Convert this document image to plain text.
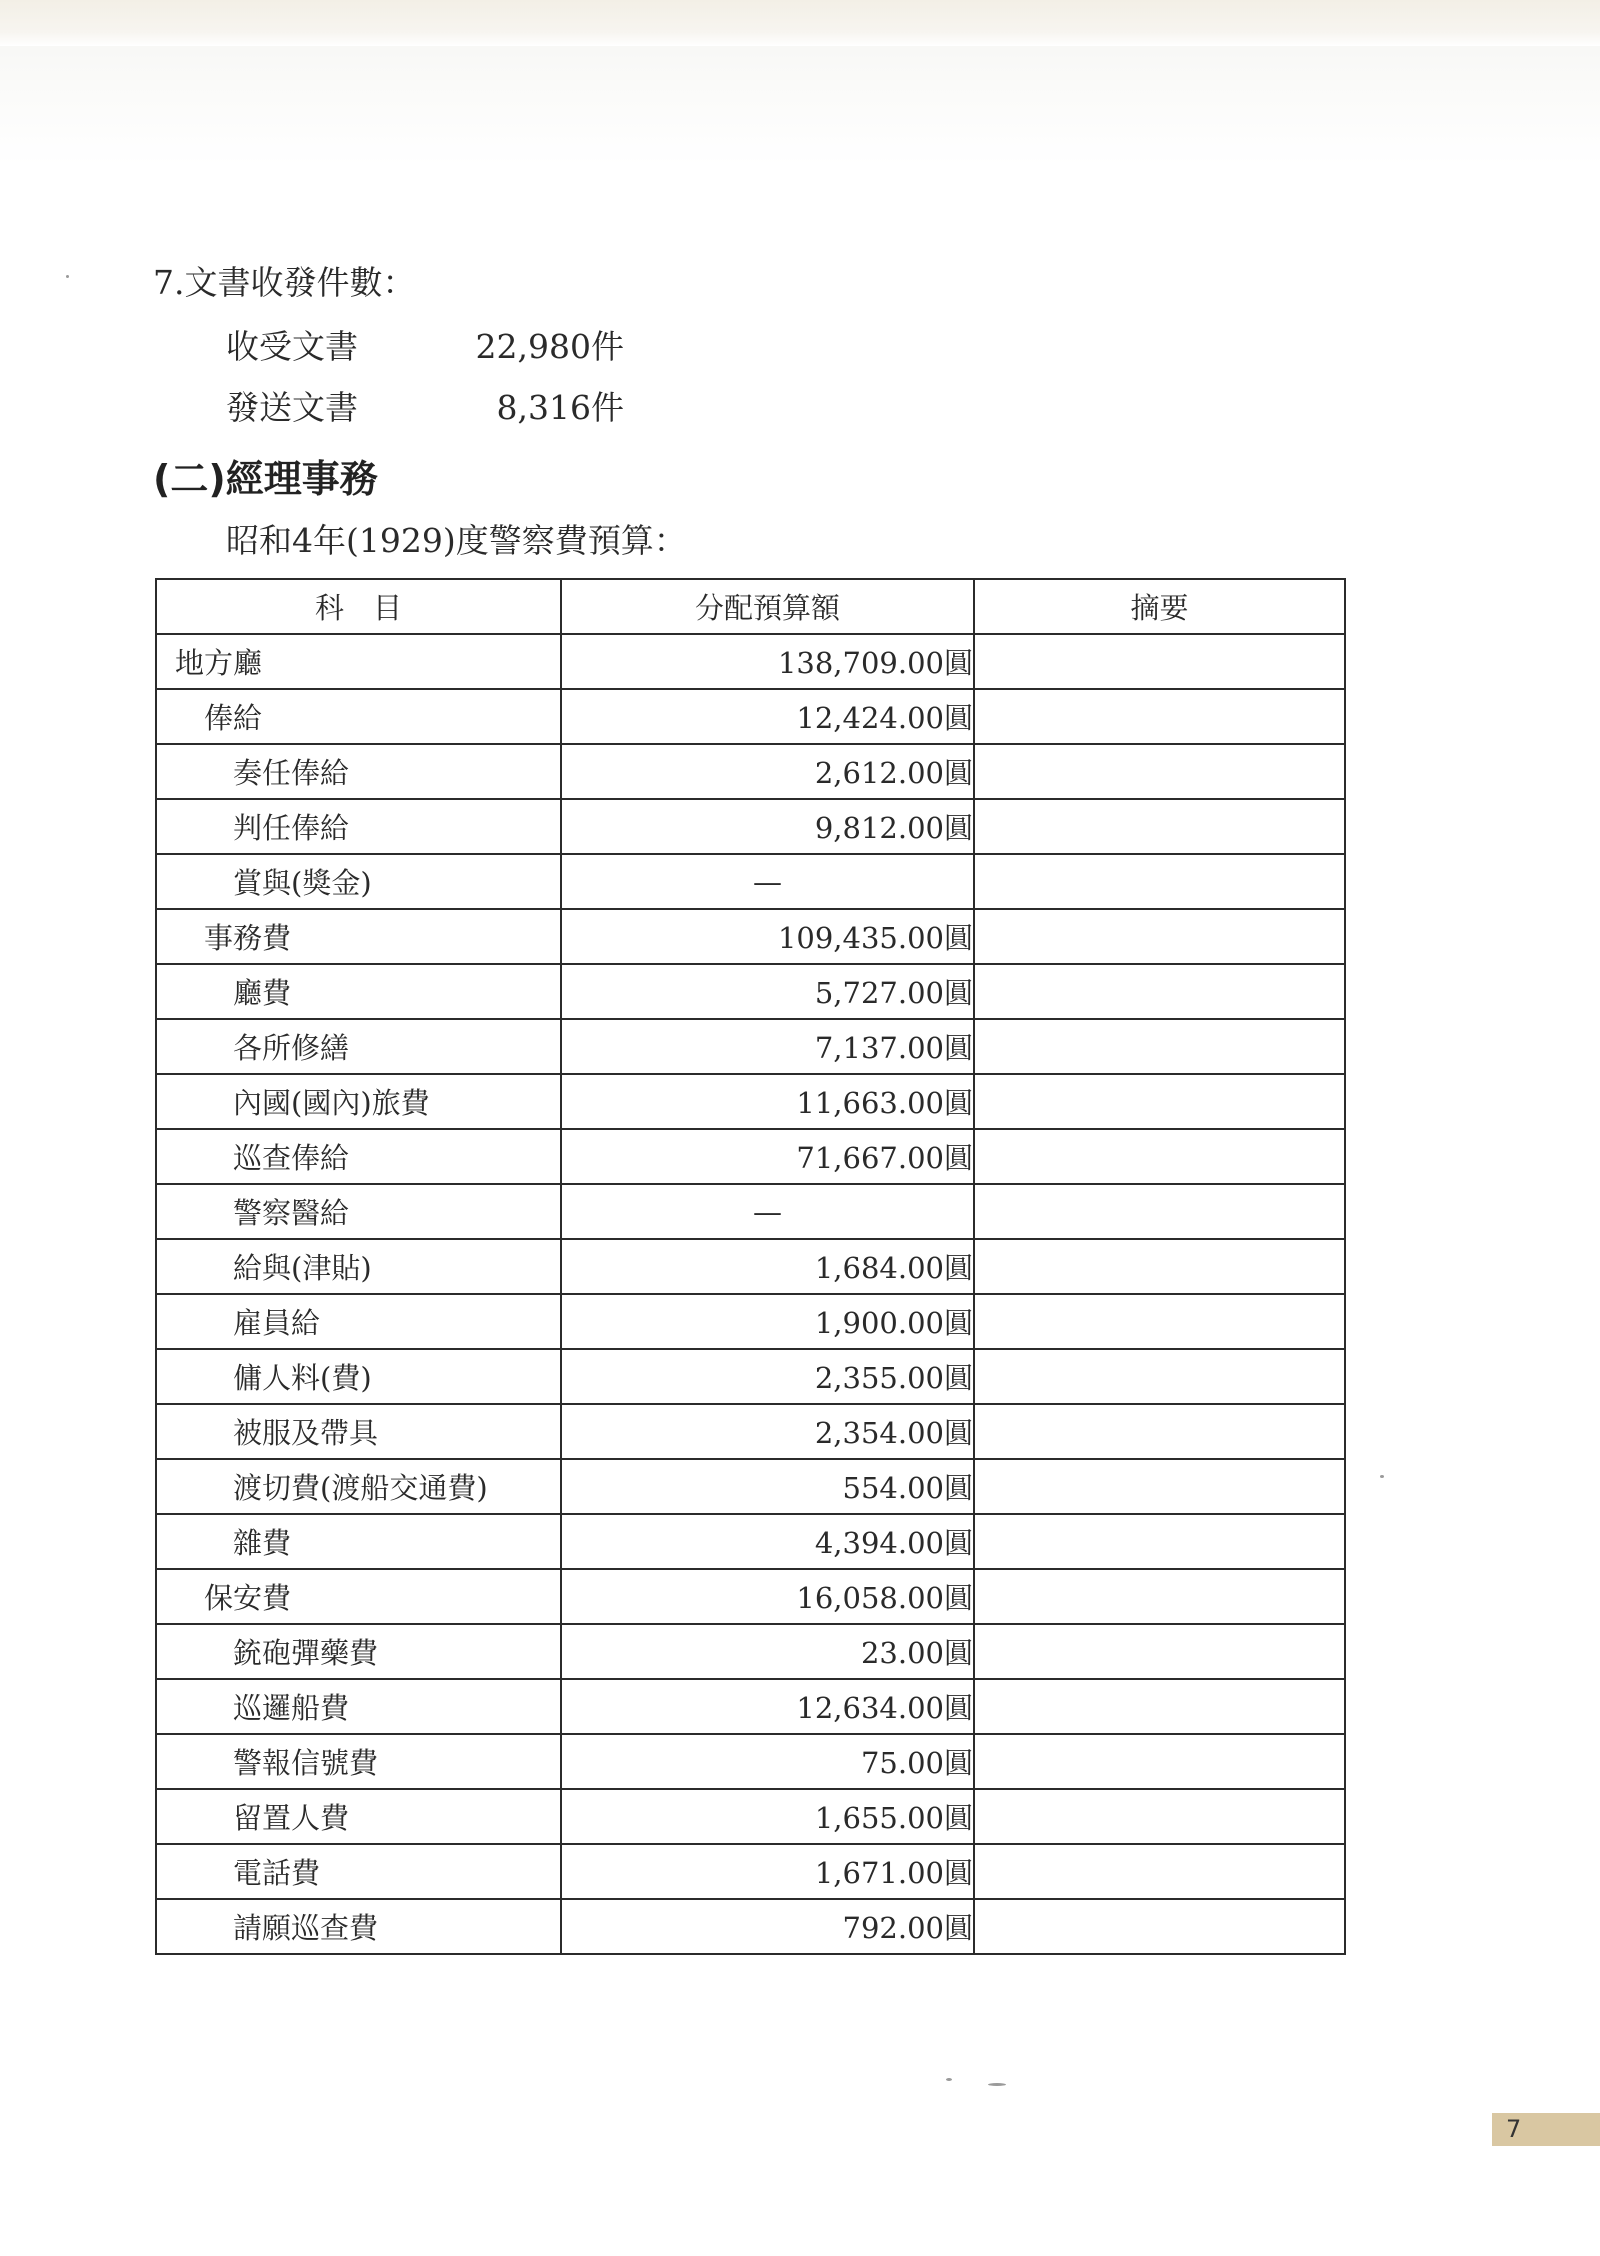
7.文書收發件數：
收受文書	22,980件
發送文書	8,316件
(二)經理事務
昭和4年(1929)度警察費預算：
科　目	分配預算額	摘要
地方廳	138,709.00圓	
俸給	12,424.00圓	
奏任俸給	2,612.00圓	
判任俸給	9,812.00圓	
賞與(獎金)	—	
事務費	109,435.00圓	
廳費	5,727.00圓	
各所修繕	7,137.00圓	
內國(國內)旅費	11,663.00圓	
巡查俸給	71,667.00圓	
警察醫給	—	
給與(津貼)	1,684.00圓	
雇員給	1,900.00圓	
傭人料(費)	2,355.00圓	
被服及帶具	2,354.00圓	
渡切費(渡船交通費)	554.00圓	
雜費	4,394.00圓	
保安費	16,058.00圓	
銃砲彈藥費	23.00圓	
巡邏船費	12,634.00圓	
警報信號費	75.00圓	
留置人費	1,655.00圓	
電話費	1,671.00圓	
請願巡查費	792.00圓	
7
